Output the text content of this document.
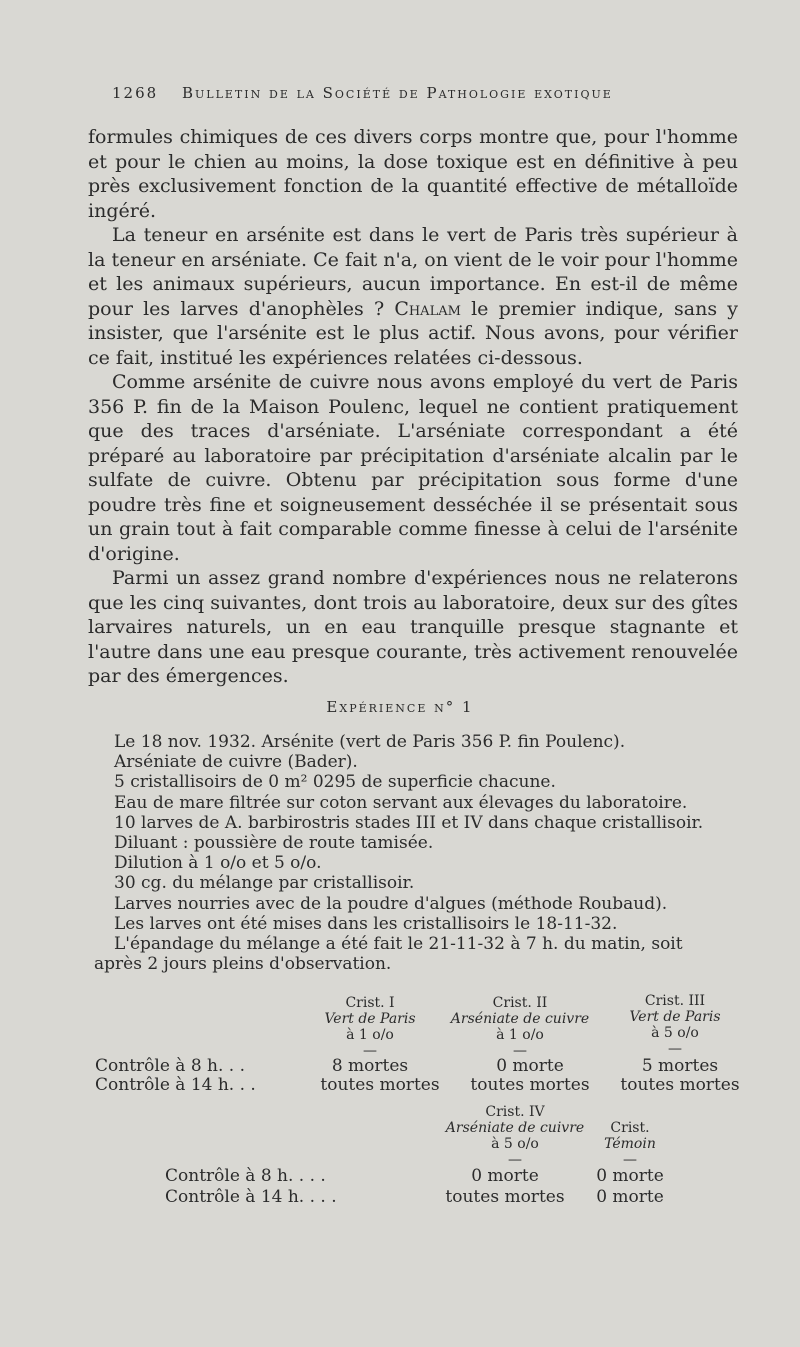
1268 Bulletin de la Société de Pathologie exotique

formules chimiques de ces divers corps montre que, pour l'homme et pour le chien au moins, la dose toxique est en définitive à peu près exclusivement fonction de la quantité effective de métalloïde ingéré.

La teneur en arsénite est dans le vert de Paris très supérieur à la teneur en arséniate. Ce fait n'a, on vient de le voir pour l'homme et les animaux supérieurs, aucun importance. En est-il de même pour les larves d'anophèles ? Chalam le premier indique, sans y insister, que l'arsénite est le plus actif. Nous avons, pour vérifier ce fait, institué les expériences relatées ci-dessous.

Comme arsénite de cuivre nous avons employé du vert de Paris 356 P. fin de la Maison Poulenc, lequel ne contient pratiquement que des traces d'arséniate. L'arséniate correspondant a été préparé au laboratoire par précipitation d'arséniate alcalin par le sulfate de cuivre. Obtenu par précipitation sous forme d'une poudre très fine et soigneusement desséchée il se présentait sous un grain tout à fait comparable comme finesse à celui de l'arsénite d'origine.

Parmi un assez grand nombre d'expériences nous ne relaterons que les cinq suivantes, dont trois au laboratoire, deux sur des gîtes larvaires naturels, un en eau tranquille presque stagnante et l'autre dans une eau presque courante, très activement renouvelée par des émergences.

Expérience n° 1
Le 18 nov. 1932. Arsénite (vert de Paris 356 P. fin Poulenc).
Arséniate de cuivre (Bader).
5 cristallisoirs de 0 m² 0295 de superficie chacune.
Eau de mare filtrée sur coton servant aux élevages du laboratoire.
10 larves de A. barbirostris stades III et IV dans chaque cristallisoir.
Diluant : poussière de route tamisée.
Dilution à 1 o/o et 5 o/o.
30 cg. du mélange par cristallisoir.
Larves nourries avec de la poudre d'algues (méthode Roubaud).
Les larves ont été mises dans les cristallisoirs le 18-11-32.
L'épandage du mélange a été fait le 21-11-32 à 7 h. du matin, soit
après 2 jours pleins d'observation.
Crist. I
Vert de Paris
à 1 o/o
—
Crist. II
Arséniate de cuivre
à 1 o/o
—
Crist. III
Vert de Paris
à 5 o/o
—
Contrôle à 8 h. . .	8 mortes	0 morte	5 mortes
Contrôle à 14 h. . .	toutes mortes	toutes mortes	toutes mortes
Crist. IV
Arséniate de cuivre
à 5 o/o
—
Crist.
Témoin
—
Contrôle à 8 h. . . .	0 morte	0 morte
Contrôle à 14 h. . . .	toutes mortes	0 morte
